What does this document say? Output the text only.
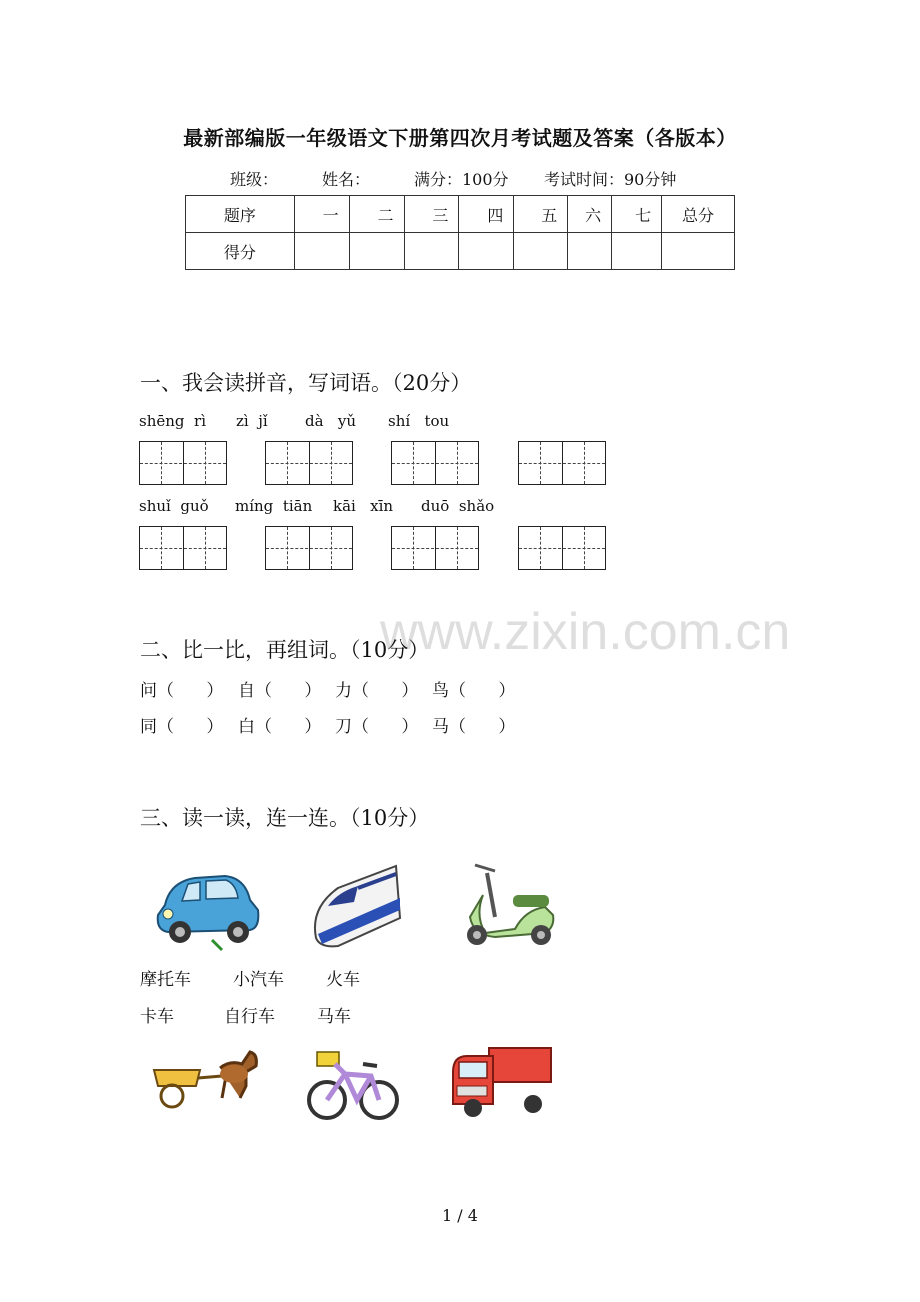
最新部编版一年级语文下册第四次月考试题及答案（各版本）
班级：	姓名：	满分：100分 考试时间：90分钟
题序	一	二	三	四	五	六	七	总分
得分								
一、我会读拼音，写词语。（20分）
shēng  rì zì  jǐ dà   yǔ shí   tou
shuǐ  guǒ míng  tiān kāi   xīn duō  shǎo
www.zixin.com.cn
二、比一比，再组词。（10分）
问（      ） 自（      ） 力（      ） 鸟（      ）
同（      ） 白（      ） 刀（      ） 马（      ）
三、读一读，连一连。（10分）
摩托车 小汽车 火车
卡车	自行车 马车
1 / 4
